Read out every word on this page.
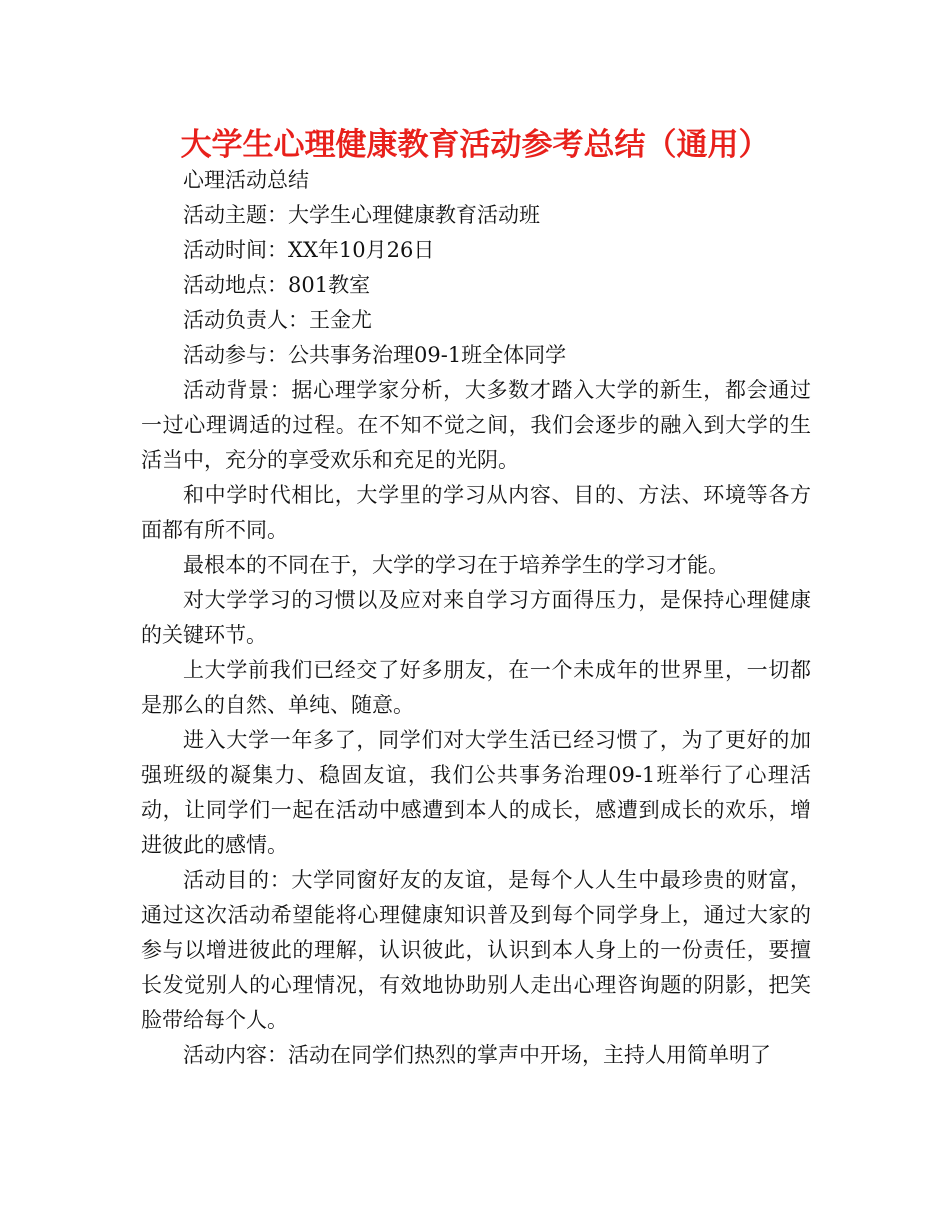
大学生心理健康教育活动参考总结（通用）

心理活动总结

活动主题：大学生心理健康教育活动班

活动时间：XX年10月26日

活动地点：801教室

活动负责人：王金尤

活动参与：公共事务治理09-1班全体同学

活动背景：据心理学家分析，大多数才踏入大学的新生，都会通过一过心理调适的过程。在不知不觉之间，我们会逐步的融入到大学的生活当中，充分的享受欢乐和充足的光阴。

和中学时代相比，大学里的学习从内容、目的、方法、环境等各方面都有所不同。

最根本的不同在于，大学的学习在于培养学生的学习才能。

对大学学习的习惯以及应对来自学习方面得压力，是保持心理健康的关键环节。

上大学前我们已经交了好多朋友，在一个未成年的世界里，一切都是那么的自然、单纯、随意。

进入大学一年多了，同学们对大学生活已经习惯了，为了更好的加强班级的凝集力、稳固友谊，我们公共事务治理09-1班举行了心理活动，让同学们一起在活动中感遭到本人的成长，感遭到成长的欢乐，增进彼此的感情。

活动目的：大学同窗好友的友谊，是每个人人生中最珍贵的财富，通过这次活动希望能将心理健康知识普及到每个同学身上，通过大家的参与以增进彼此的理解，认识彼此，认识到本人身上的一份责任，要擅长发觉别人的心理情况，有效地协助别人走出心理咨询题的阴影，把笑脸带给每个人。

活动内容：活动在同学们热烈的掌声中开场，主持人用简单明了
